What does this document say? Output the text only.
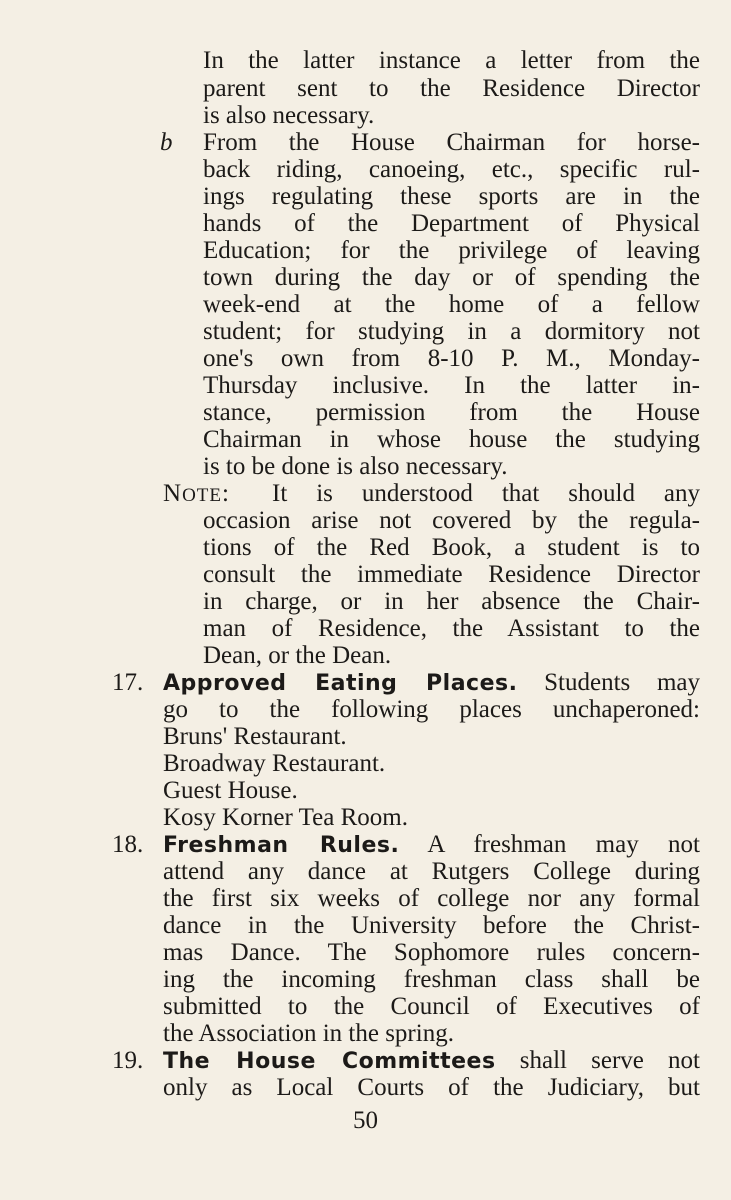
In the latter instance a letter from the
parent sent to the Residence Director
is also necessary.
b From the House Chairman for horse-
back riding, canoeing, etc., specific rul-
ings regulating these sports are in the
hands of the Department of Physical
Education; for the privilege of leaving
town during the day or of spending the
week-end at the home of a fellow
student; for studying in a dormitory not
one's own from 8-10 P. M., Monday-
Thursday inclusive. In the latter in-
stance, permission from the House
Chairman in whose house the studying
is to be done is also necessary.
NOTE: It is understood that should any
occasion arise not covered by the regula-
tions of the Red Book, a student is to
consult the immediate Residence Director
in charge, or in her absence the Chair-
man of Residence, the Assistant to the
Dean, or the Dean.
17. Approved Eating Places. Students may
go to the following places unchaperoned:
Bruns' Restaurant.
Broadway Restaurant.
Guest House.
Kosy Korner Tea Room.
18. Freshman Rules. A freshman may not
attend any dance at Rutgers College during
the first six weeks of college nor any formal
dance in the University before the Christ-
mas Dance. The Sophomore rules concern-
ing the incoming freshman class shall be
submitted to the Council of Executives of
the Association in the spring.
19. The House Committees shall serve not
only as Local Courts of the Judiciary, but
50
